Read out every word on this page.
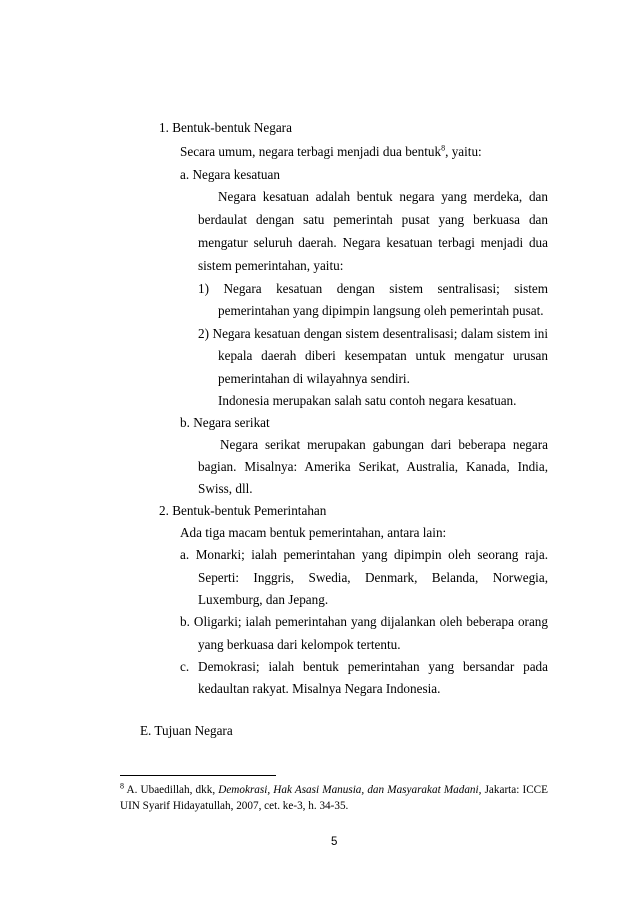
1. Bentuk-bentuk Negara
Secara umum, negara terbagi menjadi dua bentuk$^8$, yaitu:
a. Negara kesatuan
Negara kesatuan adalah bentuk negara yang merdeka, dan
berdaulat dengan satu pemerintah pusat yang berkuasa dan
mengatur seluruh daerah. Negara kesatuan terbagi menjadi dua
sistem pemerintahan, yaitu:
1) Negara kesatuan dengan sistem sentralisasi; sistem
pemerintahan yang dipimpin langsung oleh pemerintah pusat.
2) Negara kesatuan dengan sistem desentralisasi; dalam sistem ini
kepala daerah diberi kesempatan untuk mengatur urusan
pemerintahan di wilayahnya sendiri.
Indonesia merupakan salah satu contoh negara kesatuan.
b. Negara serikat
Negara serikat merupakan gabungan dari beberapa negara
bagian. Misalnya: Amerika Serikat, Australia, Kanada, India,
Swiss, dll.
2. Bentuk-bentuk Pemerintahan
Ada tiga macam bentuk pemerintahan, antara lain:
a. Monarki; ialah pemerintahan yang dipimpin oleh seorang raja.
Seperti: Inggris, Swedia, Denmark, Belanda, Norwegia,
Luxemburg, dan Jepang.
b. Oligarki; ialah pemerintahan yang dijalankan oleh beberapa orang
yang berkuasa dari kelompok tertentu.
c. Demokrasi; ialah bentuk pemerintahan yang bersandar pada
kedaultan rakyat. Misalnya Negara Indonesia.
E. Tujuan Negara
$^8$ A. Ubaedillah, dkk, Demokrasi, Hak Asasi Manusia, dan Masyarakat Madani, Jakarta: ICCE
UIN Syarif Hidayatullah, 2007, cet. ke-3, h. 34-35.
5
